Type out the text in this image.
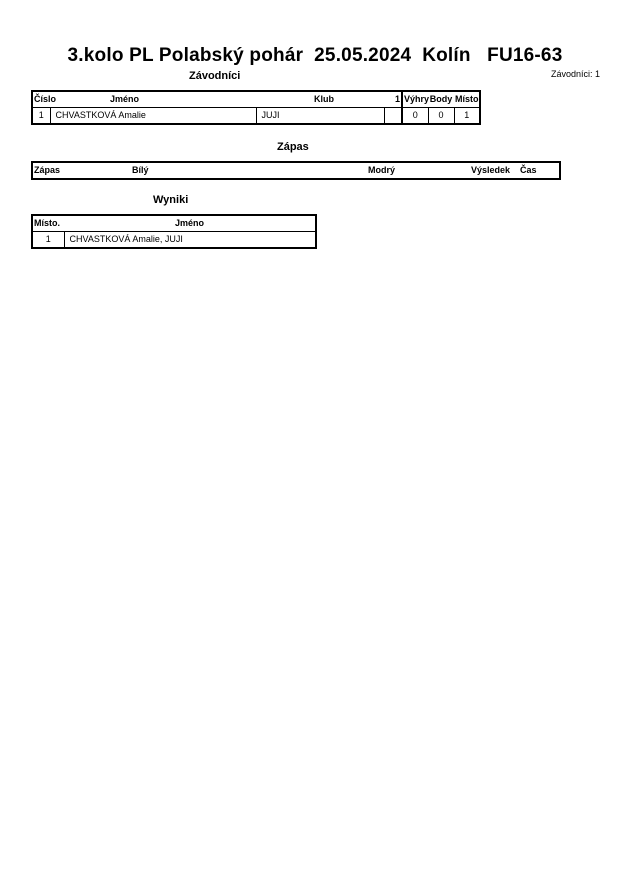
3.kolo PL Polabský pohár  25.05.2024  Kolín   FU16-63
Závodníci: 1
Závodníci
Číslo	Jméno	Klub	1	Výhry	Body	Místo.
1	CHVASTKOVÁ Amalie	JUJI		0	0	1
Zápas
Zápas	Bílý	Modrý	Výsledek	Čas
Wyniki
Místo.	Jméno
1	CHVASTKOVÁ Amalie, JUJI
